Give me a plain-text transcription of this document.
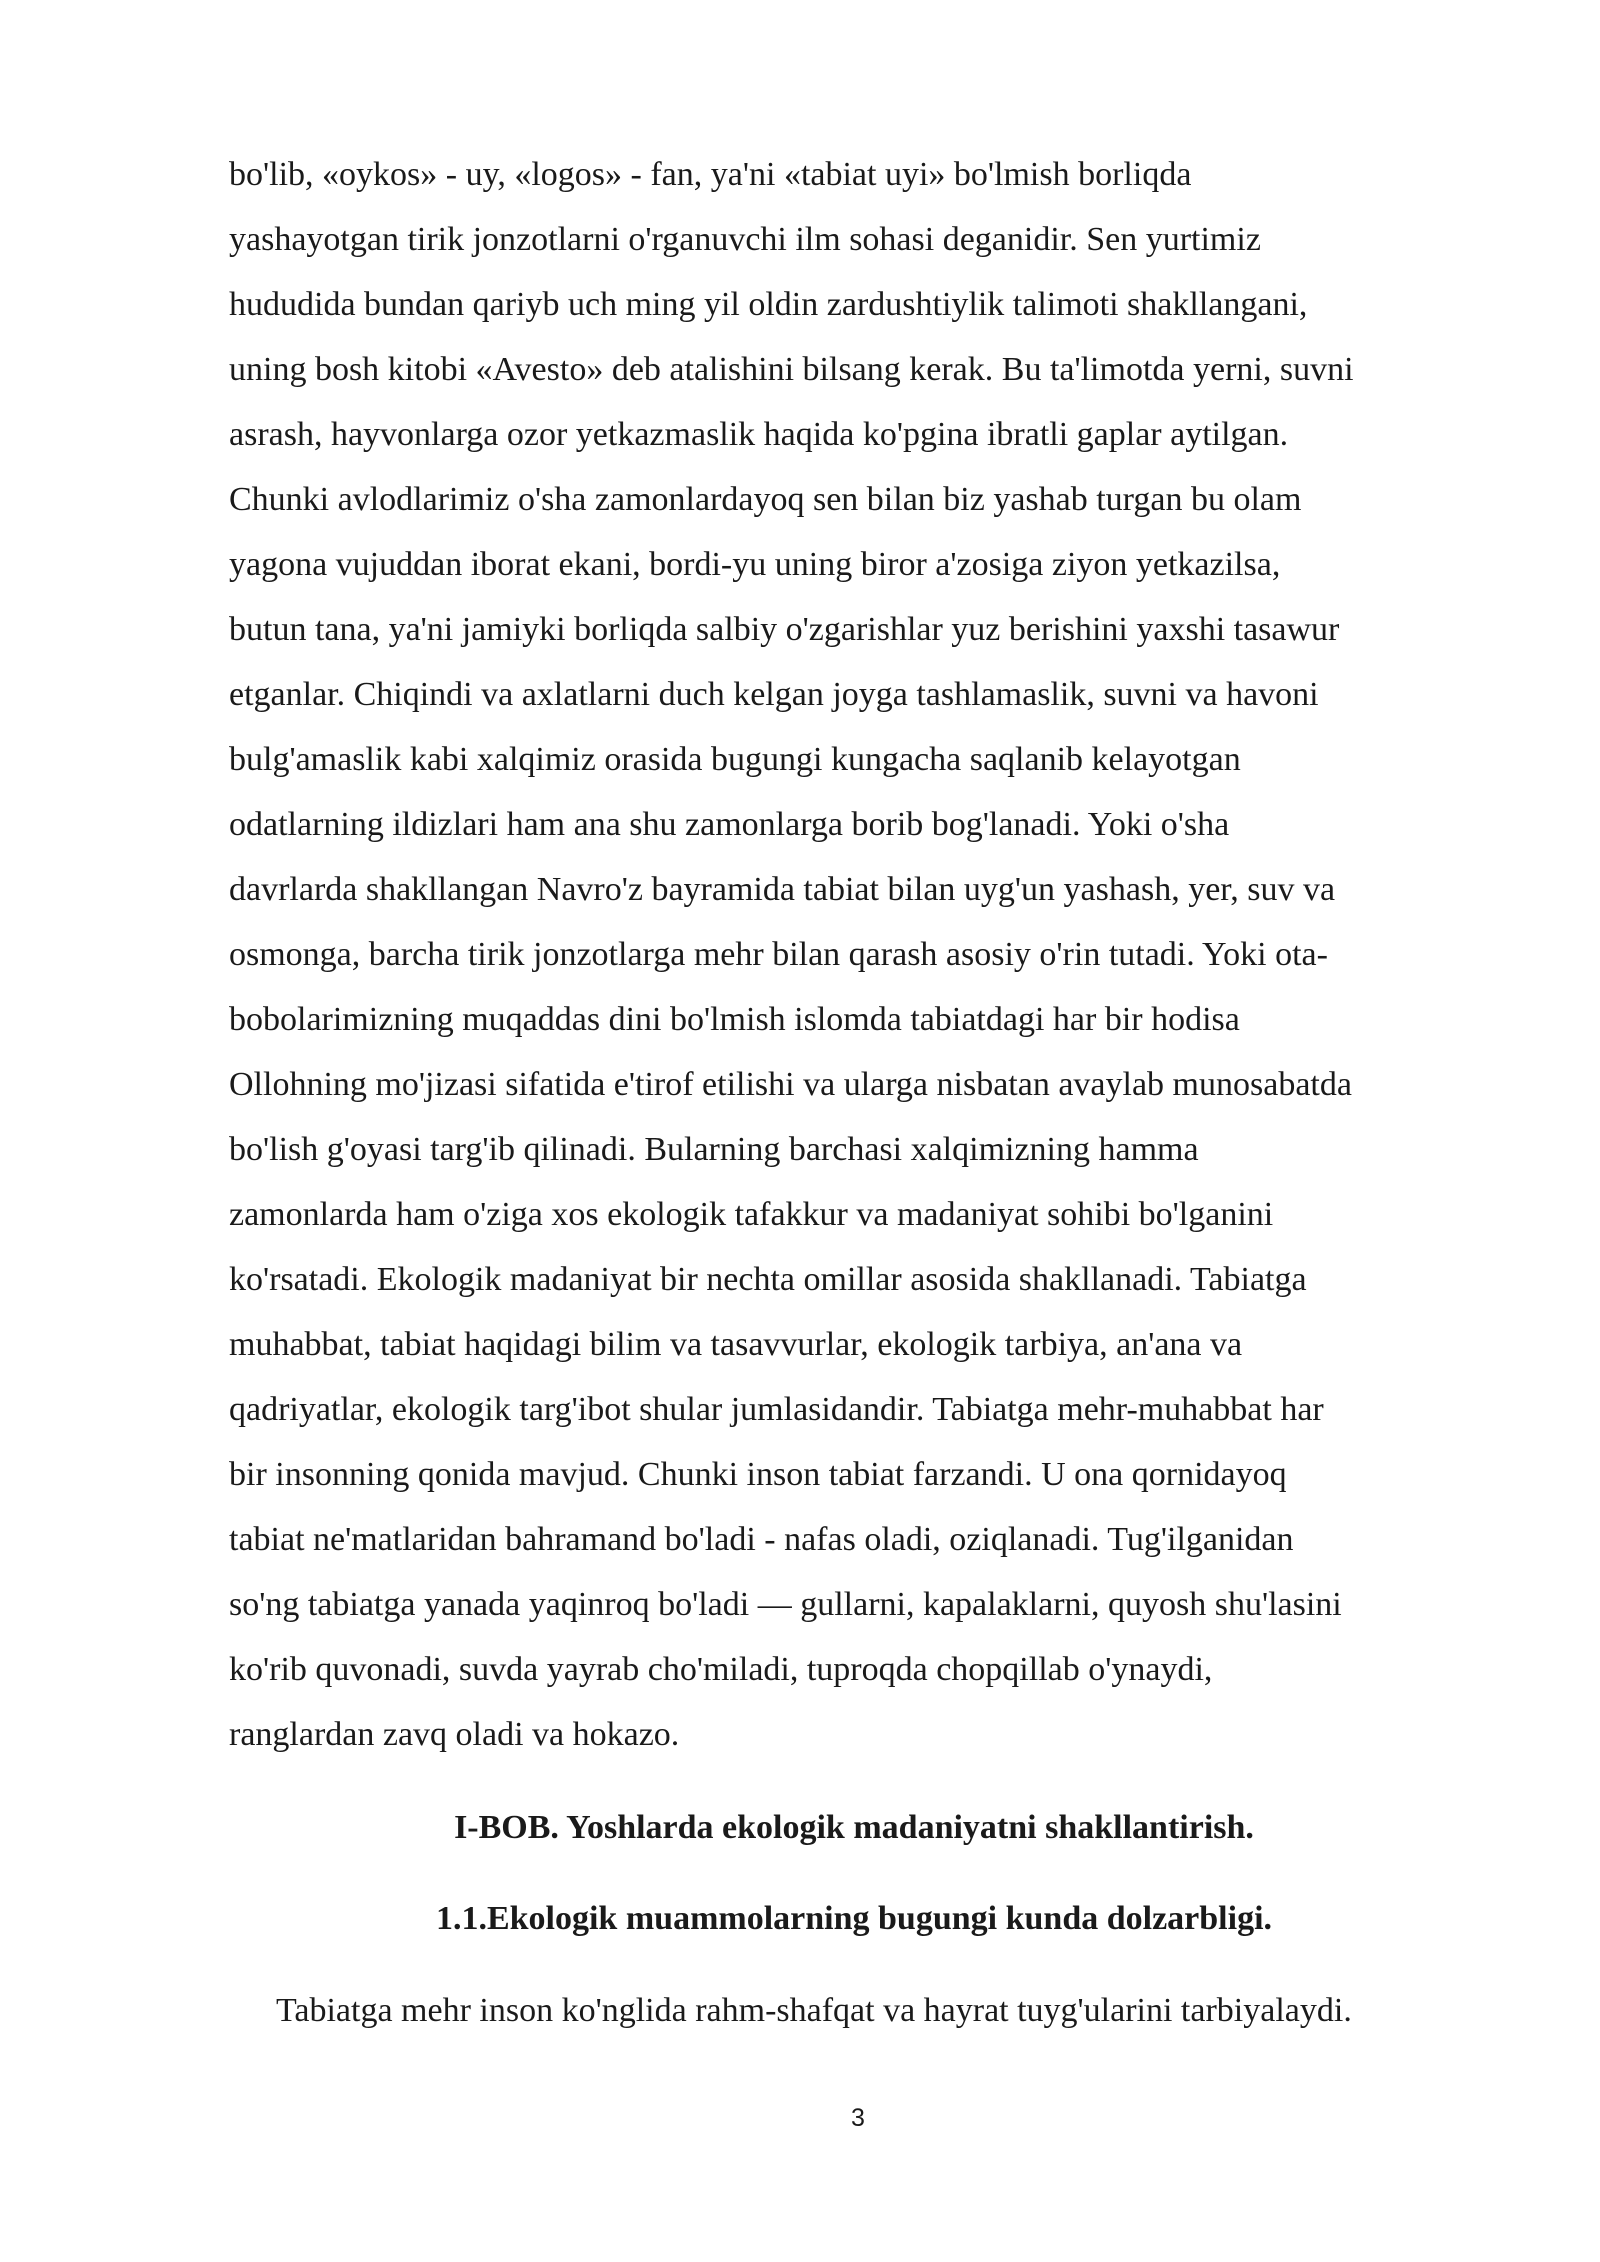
bo'lib, «oykos» - uy, «logos» - fan, ya'ni «tabiat uyi» bo'lmish borliqda
yashayotgan tirik jonzotlarni o'rganuvchi ilm sohasi deganidir. Sen yurtimiz
hududida bundan qariyb uch ming yil oldin zardushtiylik talimoti shakllangani,
uning bosh kitobi «Avesto» deb atalishini bilsang kerak. Bu ta'limotda yerni, suvni
asrash, hayvonlarga ozor yetkazmaslik haqida ko'pgina ibratli gaplar aytilgan.
Chunki avlodlarimiz o'sha zamonlardayoq sen bilan biz yashab turgan bu olam
yagona vujuddan iborat ekani, bordi-yu uning biror a'zosiga ziyon yetkazilsa,
butun tana, ya'ni jamiyki borliqda salbiy o'zgarishlar yuz berishini yaxshi tasawur
etganlar. Chiqindi va axlatlarni duch kelgan joyga tashlamaslik, suvni va havoni
bulg'amaslik kabi xalqimiz orasida bugungi kungacha saqlanib kelayotgan
odatlarning ildizlari ham ana shu zamonlarga borib bog'lanadi. Yoki o'sha
davrlarda shakllangan Navro'z bayramida tabiat bilan uyg'un yashash, yer, suv va
osmonga, barcha tirik jonzotlarga mehr bilan qarash asosiy o'rin tutadi. Yoki ota-
bobolarimizning muqaddas dini bo'lmish islomda tabiatdagi har bir hodisa
Ollohning mo'jizasi sifatida e'tirof etilishi va ularga nisbatan avaylab munosabatda
bo'lish g'oyasi targ'ib qilinadi. Bularning barchasi xalqimizning hamma
zamonlarda ham o'ziga xos ekologik tafakkur va madaniyat sohibi bo'lganini
ko'rsatadi. Ekologik madaniyat bir nechta omillar asosida shakllanadi. Tabiatga
muhabbat, tabiat haqidagi bilim va tasavvurlar, ekologik tarbiya, an'ana va
qadriyatlar, ekologik targ'ibot shular jumlasidandir. Tabiatga mehr-muhabbat har
bir insonning qonida mavjud. Chunki inson tabiat farzandi. U ona qornidayoq
tabiat ne'matlaridan bahramand bo'ladi - nafas oladi, oziqlanadi. Tug'ilganidan
so'ng tabiatga yanada yaqinroq bo'ladi — gullarni, kapalaklarni, quyosh shu'lasini
ko'rib quvonadi, suvda yayrab cho'miladi, tuproqda chopqillab o'ynaydi,
ranglardan zavq oladi va hokazo.
I-BOB. Yoshlarda ekologik madaniyatni shakllantirish.
1.1.Ekologik muammolarning bugungi kunda dolzarbligi.
Tabiatga mehr inson ko'nglida rahm-shafqat va hayrat tuyg'ularini tarbiyalaydi.
3
